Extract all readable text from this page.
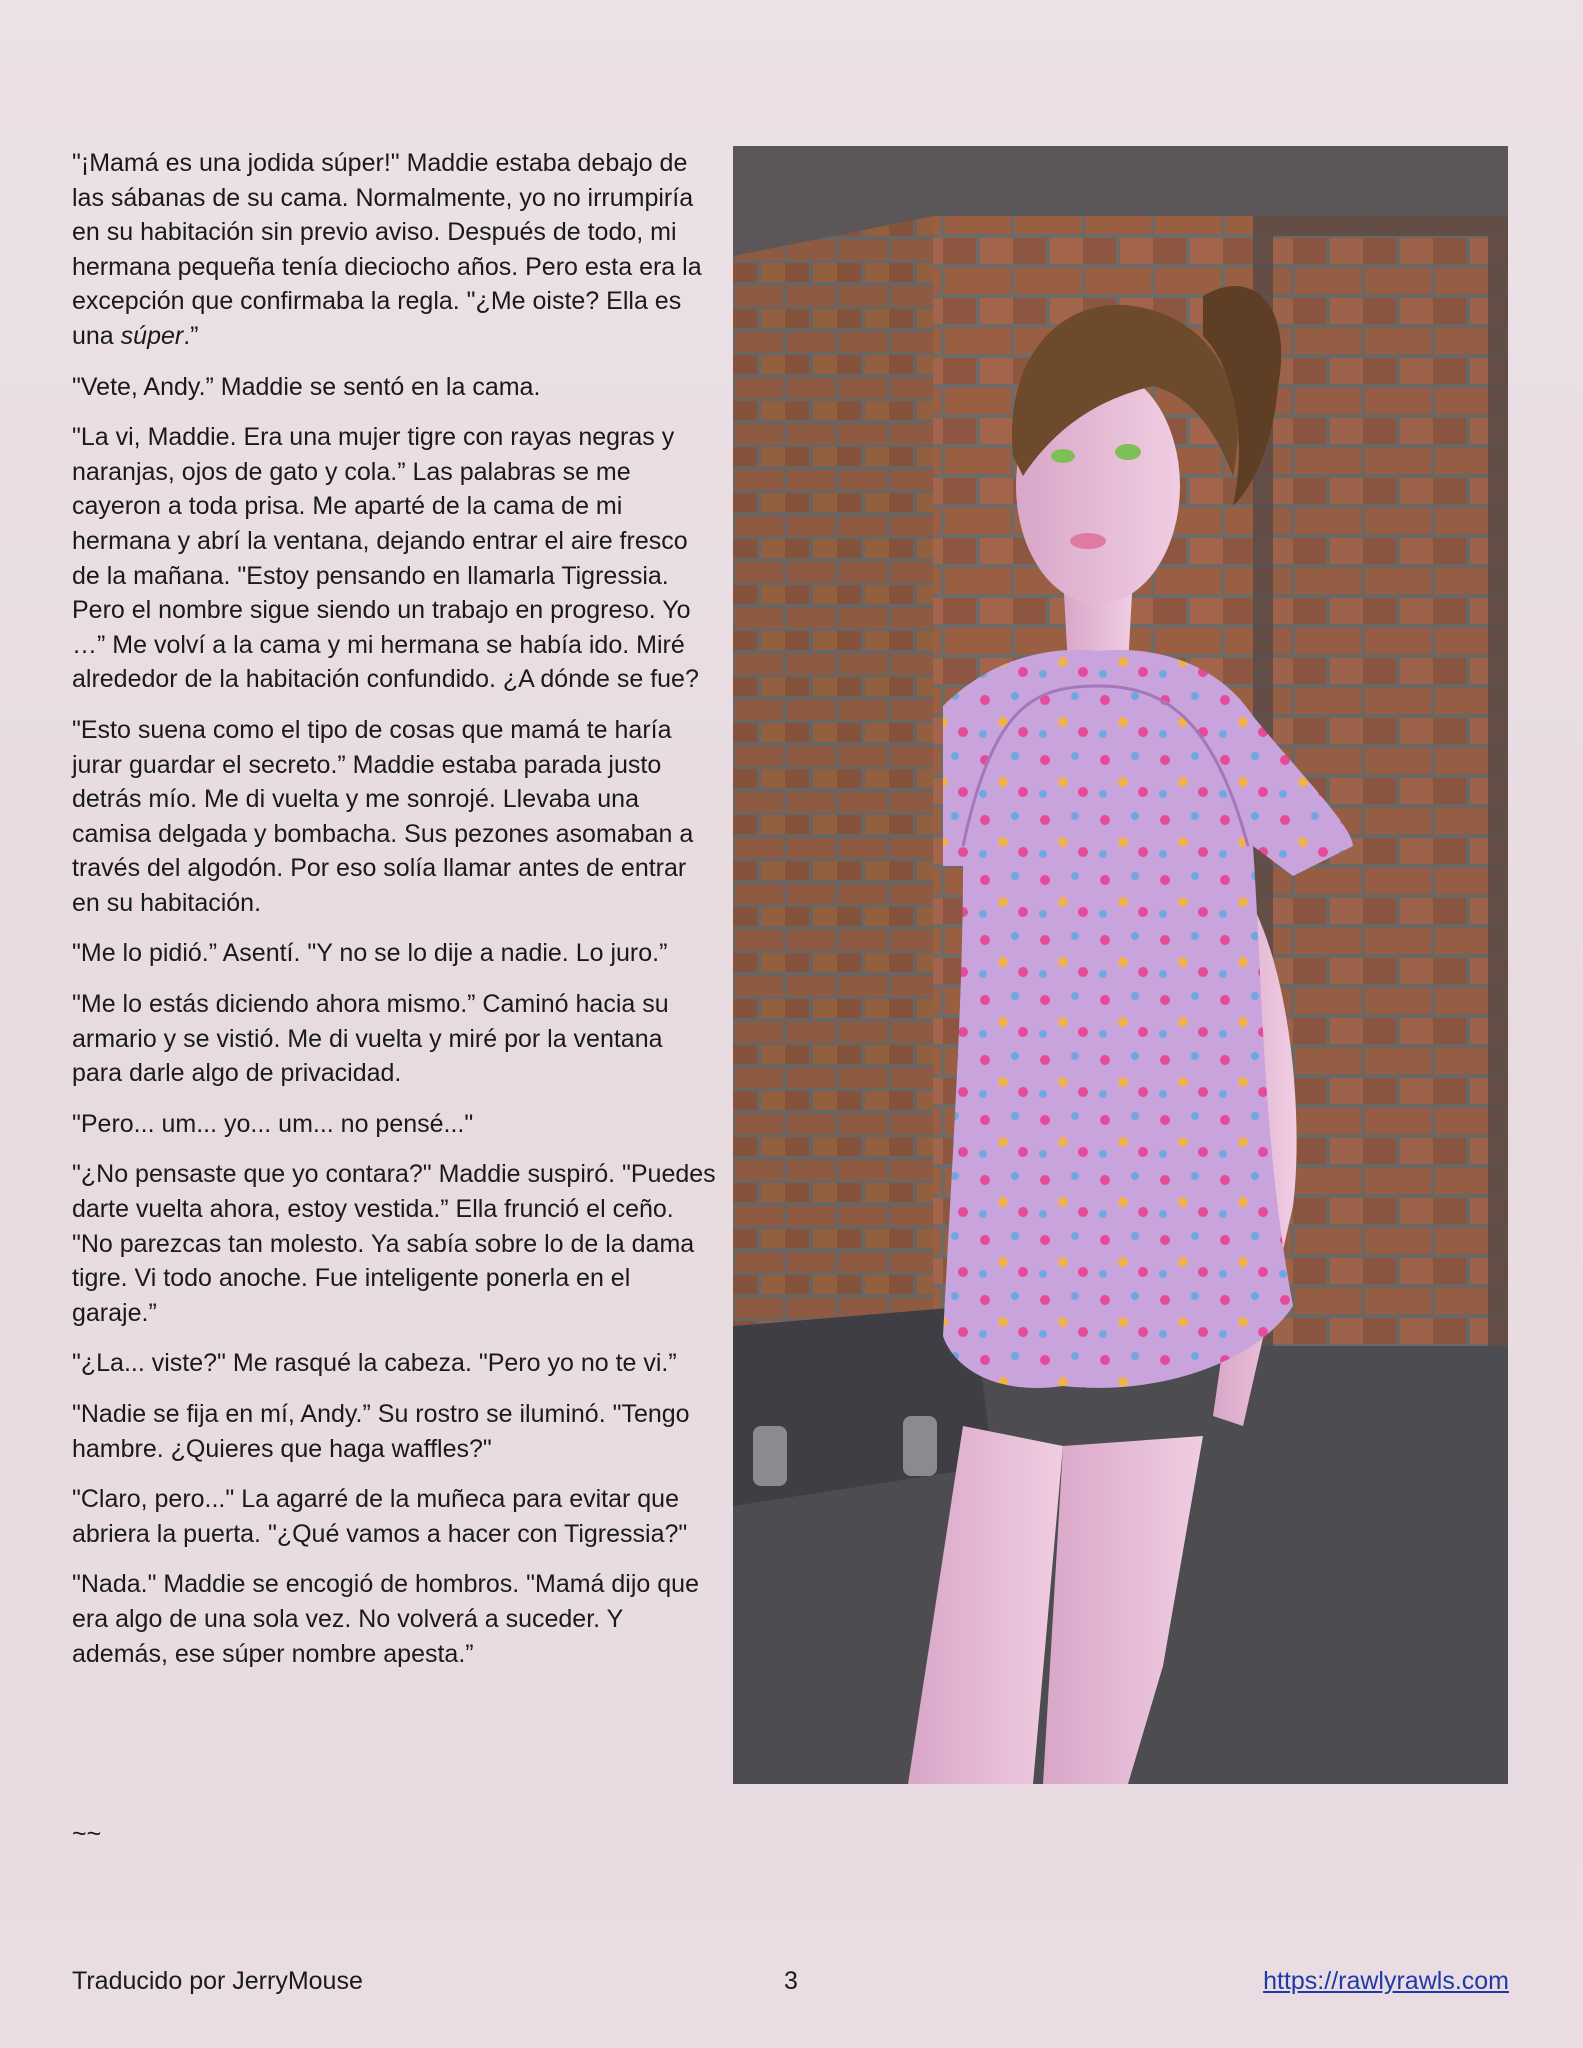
"¡Mamá es una jodida súper!" Maddie estaba debajo de las sábanas de su cama. Normalmente, yo no irrumpiría en su habitación sin previo aviso. Después de todo, mi hermana pequeña tenía dieciocho años. Pero esta era la excepción que confirmaba la regla. "¿Me oiste? Ella es una súper.”

"Vete, Andy.” Maddie se sentó en la cama.

"La vi, Maddie. Era una mujer tigre con rayas negras y naranjas, ojos de gato y cola.” Las palabras se me cayeron a toda prisa. Me aparté de la cama de mi hermana y abrí la ventana, dejando entrar el aire fresco de la mañana. "Estoy pensando en llamarla Tigressia. Pero el nombre sigue siendo un trabajo en progreso. Yo …” Me volví a la cama y mi hermana se había ido. Miré alrededor de la habitación confundido. ¿A dónde se fue?

"Esto suena como el tipo de cosas que mamá te haría jurar guardar el secreto.” Maddie estaba parada justo detrás mío. Me di vuelta y me sonrojé. Llevaba una camisa delgada y bombacha. Sus pezones asomaban a través del algodón. Por eso solía llamar antes de entrar en su habitación.

"Me lo pidió.” Asentí. "Y no se lo dije a nadie. Lo juro.”

"Me lo estás diciendo ahora mismo.” Caminó hacia su armario y se vistió. Me di vuelta y miré por la ventana para darle algo de privacidad.

"Pero... um... yo... um... no pensé..."

"¿No pensaste que yo contara?" Maddie suspiró. "Puedes darte vuelta ahora, estoy vestida.” Ella frunció el ceño. "No parezcas tan molesto. Ya sabía sobre lo de la dama tigre. Vi todo anoche. Fue inteligente ponerla en el garaje.”

"¿La... viste?" Me rasqué la cabeza. "Pero yo no te vi.”

"Nadie se fija en mí, Andy.” Su rostro se iluminó. "Tengo hambre. ¿Quieres que haga waffles?"

"Claro, pero..." La agarré de la muñeca para evitar que abriera la puerta. "¿Qué vamos a hacer con Tigressia?"

"Nada." Maddie se encogió de hombros. "Mamá dijo que era algo de una sola vez. No volverá a suceder. Y además, ese súper nombre apesta.”

~~
Traducido por JerryMouse	3	https://rawlyrawls.com
